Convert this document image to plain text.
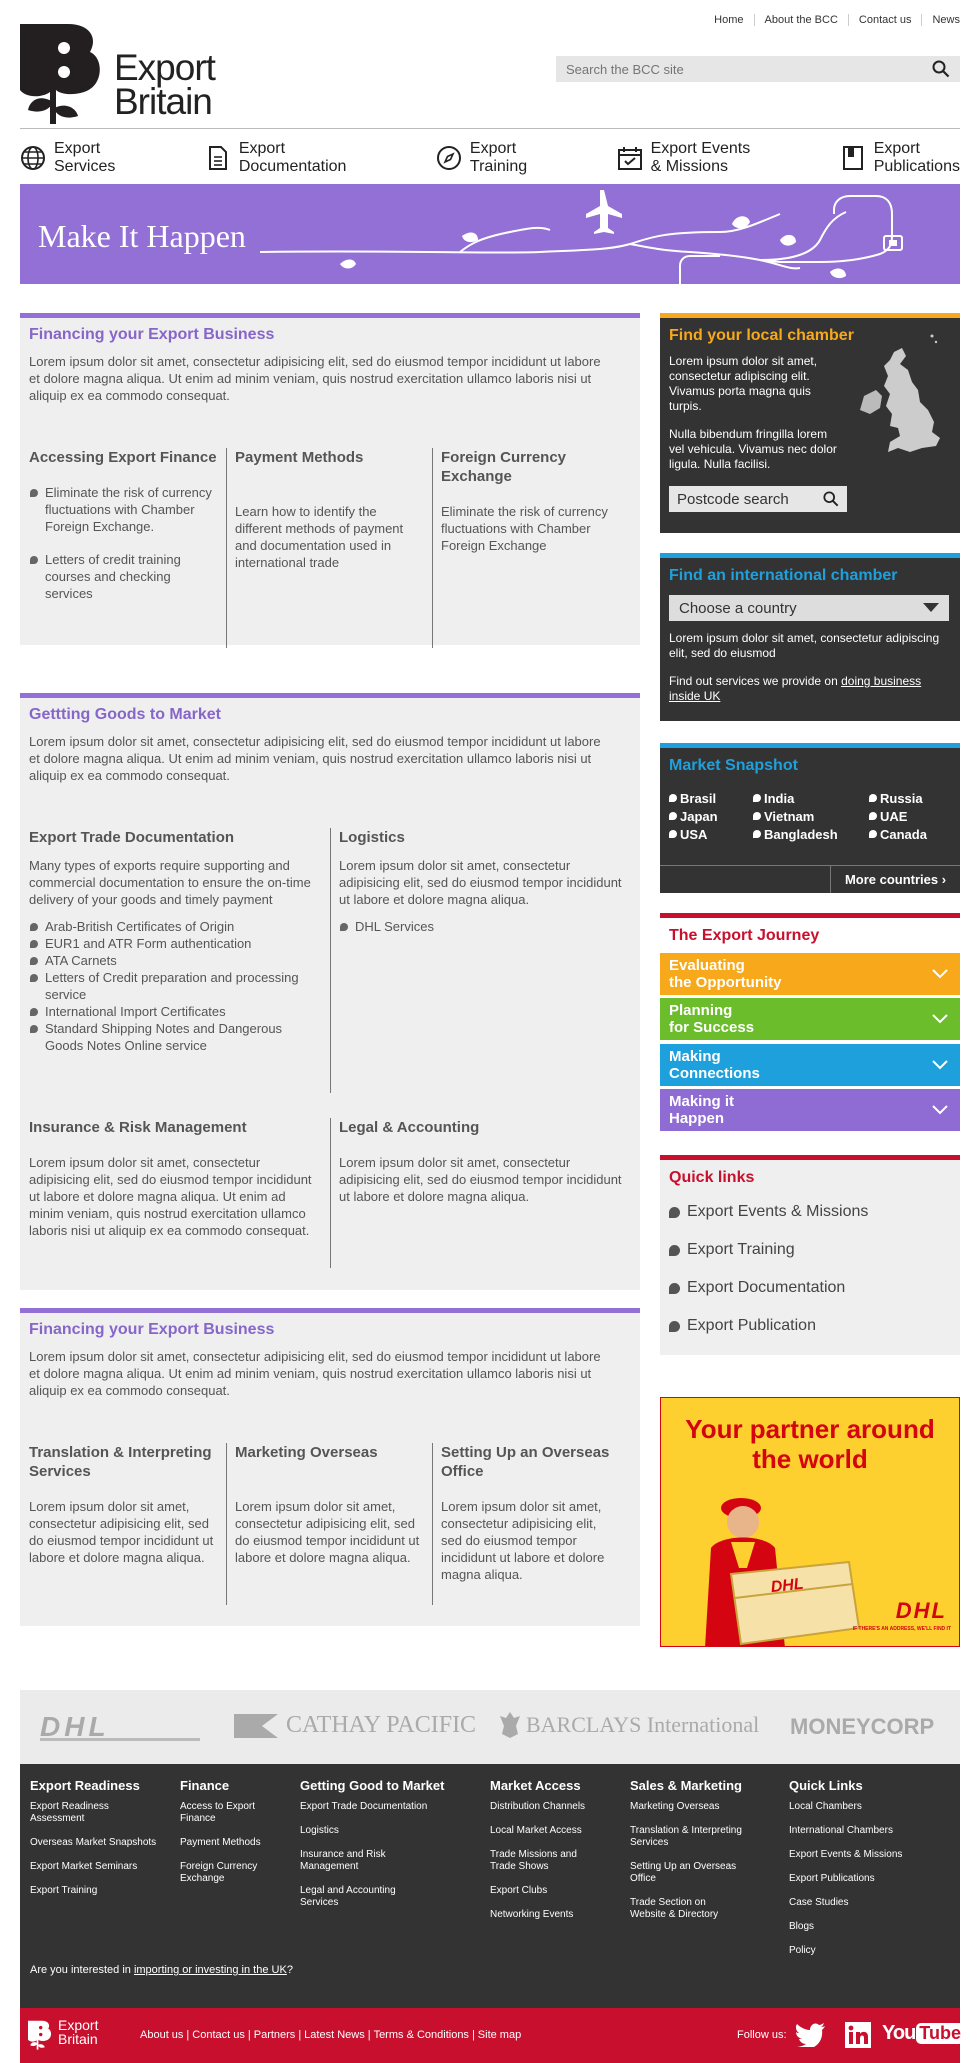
Export
Britain
Home	About the BCC	Contact us	News
Search the BCC site
Export
Services
Export
Documentation
Export
Training
Export Events
& Missions
Export
Publications
Make It Happen
Financing your Export Business
Lorem ipsum dolor sit amet, consectetur adipisicing elit, sed do eiusmod tempor incididunt ut labore et dolore magna aliqua. Ut enim ad minim veniam, quis nostrud exercitation ullamco laboris nisi ut aliquip ex ea commodo consequat.
Accessing Export Finance
Eliminate the risk of currency fluctuations with Chamber Foreign Exchange.
Letters of credit training courses and checking services
Payment Methods

Learn how to identify the different methods of payment and documentation used in international trade

Foreign Currency Exchange

Eliminate the risk of currency fluctuations with Chamber Foreign Exchange

Gettting Goods to Market
Lorem ipsum dolor sit amet, consectetur adipisicing elit, sed do eiusmod tempor incididunt ut labore et dolore magna aliqua. Ut enim ad minim veniam, quis nostrud exercitation ullamco laboris nisi ut aliquip ex ea commodo consequat.
Export Trade Documentation

Many types of exports require supporting and commercial documentation to ensure the on-time delivery of your goods and timely payment

Arab-British Certificates of Origin
EUR1 and ATR Form authentication
ATA Carnets
Letters of Credit preparation and processing service
International Import Certificates
Standard Shipping Notes and Dangerous Goods Notes Online service
Logistics

Lorem ipsum dolor sit amet, consectetur adipisicing elit, sed do eiusmod tempor incididunt ut labore et dolore magna aliqua.

DHL Services
Insurance & Risk Management

Lorem ipsum dolor sit amet, consectetur adipisicing elit, sed do eiusmod tempor incididunt ut labore et dolore magna aliqua. Ut enim ad minim veniam, quis nostrud exercitation ullamco laboris nisi ut aliquip ex ea commodo consequat.

Legal & Accounting

Lorem ipsum dolor sit amet, consectetur adipisicing elit, sed do eiusmod tempor incididunt ut labore et dolore magna aliqua.

Financing your Export Business
Lorem ipsum dolor sit amet, consectetur adipisicing elit, sed do eiusmod tempor incididunt ut labore et dolore magna aliqua. Ut enim ad minim veniam, quis nostrud exercitation ullamco laboris nisi ut aliquip ex ea commodo consequat.
Translation & Interpreting Services

Lorem ipsum dolor sit amet, consectetur adipisicing elit, sed do eiusmod tempor incididunt ut labore et dolore magna aliqua.

Marketing Overseas

Lorem ipsum dolor sit amet, consectetur adipisicing elit, sed do eiusmod tempor incididunt ut labore et dolore magna aliqua.

Setting Up an Overseas Office

Lorem ipsum dolor sit amet, consectetur adipisicing elit, sed do eiusmod tempor incididunt ut labore et dolore magna aliqua.

Find your local chamber

Lorem ipsum dolor sit amet, consectetur adipiscing elit. Vivamus porta magna quis turpis.

Nulla bibendum fringilla lorem vel vehicula. Vivamus nec dolor ligula. Nulla facilisi.

Postcode search
Find an international chamber
Choose a country

Lorem ipsum dolor sit amet, consectetur adipiscing elit, sed do eiusmod

Find out services we provide on doing business inside UK

Market Snapshot
Brasil	India	Russia
Japan	Vietnam	UAE
USA	Bangladesh	Canada
More countries ›
The Export Journey
Evaluating
the Opportunity
Planning
for Success
Making
Connections
Making it
Happen
Quick links
Export Events & Missions
Export Training
Export Documentation
Export Publication
Your partner around the world
DHL
DHL
IF THERE'S AN ADDRESS, WE'LL FIND IT
DHL	CATHAY PACIFIC BARCLAYS International MONEYCORP
Export Readiness
Export Readiness Assessment
Overseas Market Snapshots
Export Market Seminars
Export Training
Finance
Access to Export Finance
Payment Methods
Foreign Currency Exchange
Getting Good to Market
Export Trade Documentation
Logistics
Insurance and Risk Management
Legal and Accounting Services
Market Access
Distribution Channels
Local Market Access
Trade Missions and Trade Shows
Export Clubs
Networking Events
Sales & Marketing
Marketing Overseas
Translation & Interpreting Services
Setting Up an Overseas Office
Trade Section on Website & Directory
Quick Links
Local Chambers
International Chambers
Export Events & Missions
Export Publications
Case Studies
Blogs
Policy
Are you interested in importing or investing in the UK?
Export
Britain	About us | Contact us | Partners | Latest News | Terms & Conditions | Site map	Follow us:	You Tube
